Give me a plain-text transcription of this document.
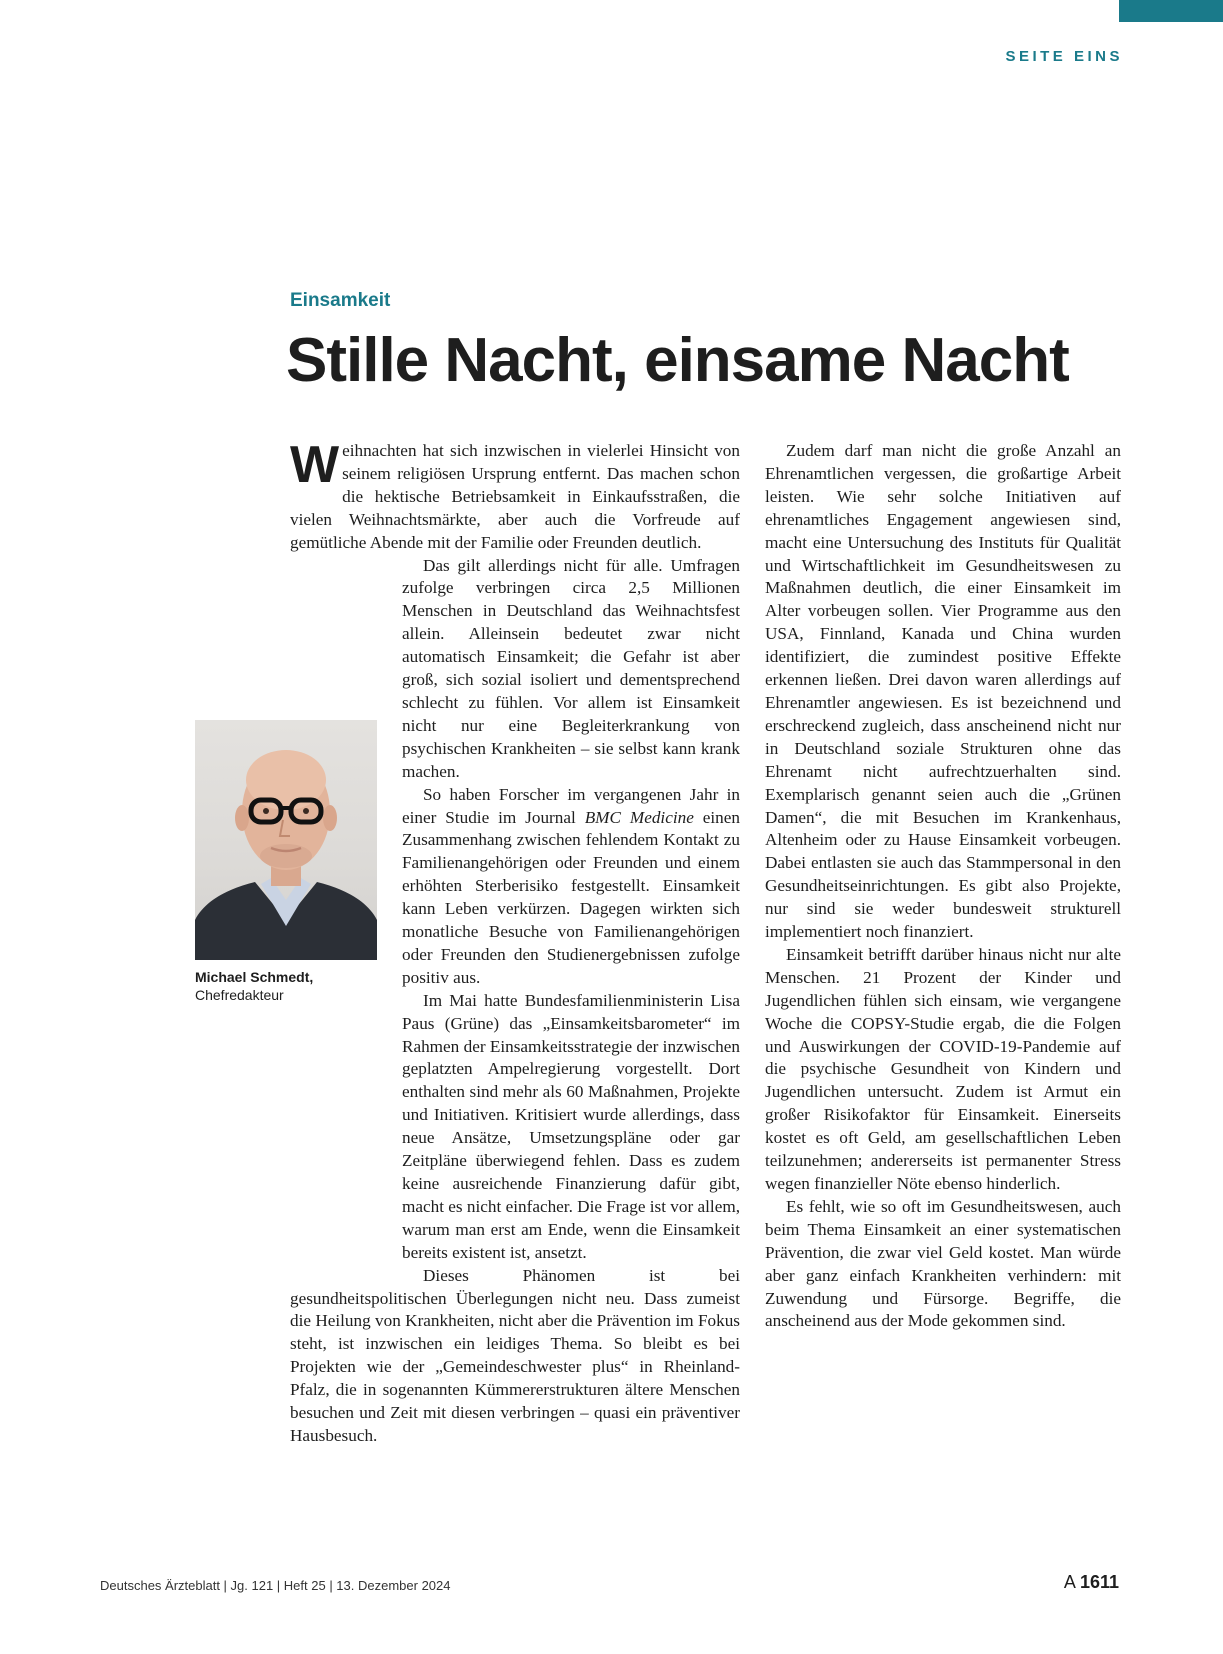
SEITE EINS
Einsamkeit
Stille Nacht, einsame Nacht

Weihnachten hat sich inzwischen in vielerlei Hinsicht von seinem religiösen Ursprung entfernt. Das machen schon die hektische Betriebsamkeit in Einkaufsstraßen, die vielen Weihnachtsmärkte, aber auch die Vorfreude auf gemütliche Abende mit der Familie oder Freunden deutlich.

Das gilt allerdings nicht für alle. Umfragen zufolge verbringen circa 2,5 Millionen Menschen in Deutschland das Weihnachtsfest allein. Alleinsein bedeutet zwar nicht automatisch Einsamkeit; die Gefahr ist aber groß, sich sozial isoliert und dementsprechend schlecht zu fühlen. Vor allem ist Einsamkeit nicht nur eine Begleiterkrankung von psychischen Krankheiten – sie selbst kann krank machen.

So haben Forscher im vergangenen Jahr in einer Studie im Journal BMC Medicine einen Zusammenhang zwischen fehlendem Kontakt zu Familienangehörigen oder Freunden und einem erhöhten Sterberisiko festgestellt. Einsamkeit kann Leben verkürzen. Dagegen wirkten sich monatliche Besuche von Familienangehörigen oder Freunden den Studienergebnissen zufolge positiv aus.

Im Mai hatte Bundesfamilienministerin Lisa Paus (Grüne) das „Einsamkeitsbarometer“ im Rahmen der Einsamkeitsstrategie der inzwischen geplatzten Ampelregierung vorgestellt. Dort enthalten sind mehr als 60 Maßnahmen, Projekte und Initiativen. Kritisiert wurde allerdings, dass neue Ansätze, Umsetzungspläne oder gar Zeitpläne überwiegend fehlen. Dass es zudem keine ausreichende Finanzierung dafür gibt, macht es nicht einfacher. Die Frage ist vor allem, warum man erst am Ende, wenn die Einsamkeit bereits existent ist, ansetzt.

Dieses Phänomen ist bei gesundheitspolitischen Überlegungen nicht neu. Dass zumeist die Heilung von Krankheiten, nicht aber die Prävention im Fokus steht, ist inzwischen ein leidiges Thema. So bleibt es bei Projekten wie der „Gemeindeschwester plus“ in Rheinland-Pfalz, die in sogenannten Kümmererstrukturen ältere Menschen besuchen und Zeit mit diesen verbringen – quasi ein präventiver Hausbesuch.

Zudem darf man nicht die große Anzahl an Ehrenamtlichen vergessen, die großartige Arbeit leisten. Wie sehr solche Initiativen auf ehrenamtliches Engagement angewiesen sind, macht eine Untersuchung des Instituts für Qualität und Wirtschaftlichkeit im Gesundheitswesen zu Maßnahmen deutlich, die einer Einsamkeit im Alter vorbeugen sollen. Vier Programme aus den USA, Finnland, Kanada und China wurden identifiziert, die zumindest positive Effekte erkennen ließen. Drei davon waren allerdings auf Ehrenamtler angewiesen. Es ist bezeichnend und erschreckend zugleich, dass anscheinend nicht nur in Deutschland soziale Strukturen ohne das Ehrenamt nicht aufrechtzuerhalten sind. Exemplarisch genannt seien auch die „Grünen Damen“, die mit Besuchen im Krankenhaus, Altenheim oder zu Hause Einsamkeit vorbeugen. Dabei entlasten sie auch das Stammpersonal in den Gesundheitseinrichtungen. Es gibt also Projekte, nur sind sie weder bundesweit strukturell implementiert noch finanziert.

Einsamkeit betrifft darüber hinaus nicht nur alte Menschen. 21 Prozent der Kinder und Jugendlichen fühlen sich einsam, wie vergangene Woche die COPSY-Studie ergab, die die Folgen und Auswirkungen der COVID-19-Pandemie auf die psychische Gesundheit von Kindern und Jugendlichen untersucht. Zudem ist Armut ein großer Risikofaktor für Einsamkeit. Einerseits kostet es oft Geld, am gesellschaftlichen Leben teilzunehmen; andererseits ist permanenter Stress wegen finanzieller Nöte ebenso hinderlich.

Es fehlt, wie so oft im Gesundheitswesen, auch beim Thema Einsamkeit an einer systematischen Prävention, die zwar viel Geld kostet. Man würde aber ganz einfach Krankheiten verhindern: mit Zuwendung und Fürsorge. Begriffe, die anscheinend aus der Mode gekommen sind.

Michael Schmedt,
Chefredakteur
Deutsches Ärzteblatt | Jg. 121 | Heft 25 | 13. Dezember 2024	A 1611
